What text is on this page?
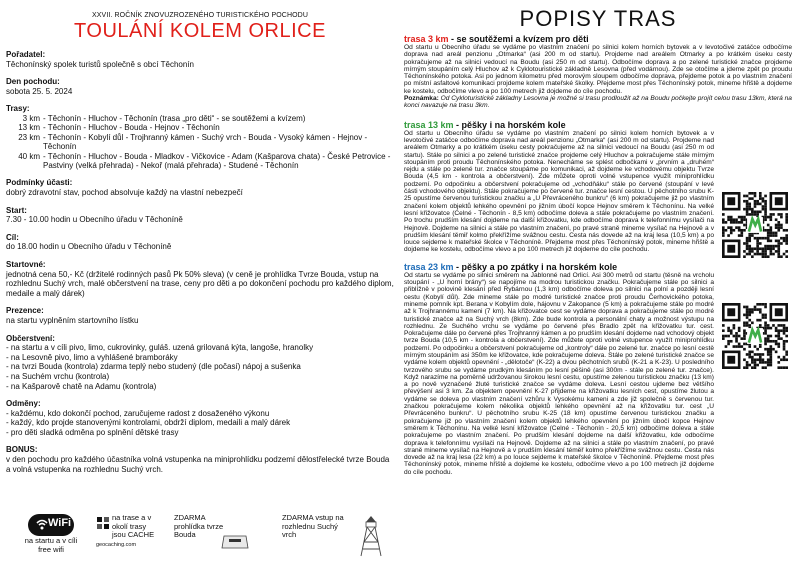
XXVII. ROČNÍK ZNOVUZROZENÉHO TURISTICKÉHO POCHODU
TOULÁNÍ KOLEM ORLICE
Pořadatel:
Těchonínský spolek turistů společně s obcí Těchonín
Den pochodu:
sobota 25. 5. 2024
Trasy:
3 km - Těchonín - Hluchov - Těchonín (trasa „pro děti“ - se soutěžemi a kvízem)
13 km - Těchonín - Hluchov - Bouda - Hejnov - Těchonín
23 km - Těchonín - Kobylí důl - Trojhranný kámen - Suchý vrch - Bouda - Vysoký kámen - Hejnov - Těchonín
40 km - Těchonín - Hluchov - Bouda - Mladkov - Vičkovice - Adam (Kašparova chata) - České Petrovice - Pastviny (velká přehrada) - Nekoř (malá přehrada) - Studené - Těchonín
Podmínky účasti:
dobrý zdravotní stav, pochod absolvuje každý na vlastní nebezpečí
Start:
7.30 - 10.00 hodin u Obecního úřadu v Těchoníně
Cíl:
do 18.00 hodin u Obecního úřadu v Těchoníně
Startovné:
jednotná cena 50,- Kč (držitelé rodinných pasů Pk 50% sleva) (v ceně je prohlídka Tvrze Bouda, vstup na rozhlednu Suchý vrch, malé občerstvení na trase, ceny pro děti a po dokončení pochodu pro každého diplom, medaile a malý dárek)
Prezence:
na startu vyplněním startovního lístku
Občerstvení:
- na startu a v cíli pivo, limo, cukrovinky, guláš. uzená grilovaná kýta, langoše, hranolky
- na Lesovně pivo, limo a vyhlášené bramboráky
- na tvrzi Bouda (kontrola) zdarma teplý nebo studený (dle počasí) nápoj a sušenka
- na Suchém vrchu (kontrola)
- na Kašparově chatě na Adamu (kontrola)
Odměny:
- každému, kdo dokončí pochod, zaručujeme radost z dosaženého výkonu
- každý, kdo projde stanovenými kontrolami, obdrží diplom, medaili a malý dárek
- pro děti sladká odměna po splnění dětské trasy
BONUS:
v den pochodu pro každého účastníka volná vstupenka na miniprohlídku podzemí dělostřelecké tvrze Bouda a volná vstupenka na rozhlednu Suchý vrch.
WiFi
na startu a v cíli free wifi
na trase a v okolí trasy jsou CACHE
geocaching.com
ZDARMA prohlídka tvrze Bouda
ZDARMA vstup na rozhlednu Suchý vrch
POPISY TRAS
trasa 3 km - se soutěžemi a kvízem pro děti
Od startu u Obecního úřadu se vydáme po vlastním značení po silnici kolem horních bytovek a v levotočivé zatáčce odbočíme doprava nad areál penzionu „Otmarka“ (asi 200 m od startu). Projdeme nad areálem Otmarky a po krátkém úseku cesty pokračujeme až na silnici vedoucí na Boudu (asi 250 m od startu). Odbočíme doprava a po zelené turistické značce projdeme mírným stoupáním celý Hluchov až k Cyklotouristické základně Lesovna (před vodárnou). Zde se otočíme a jdeme zpět po proudu Těchonínského potoka. Asi po jednom kilometru před morovým sloupem odbočíme doprava, přejdeme potok a po vlastním značení po místní asfaltové komunikaci projdeme kolem mateřské školky. Přejdeme most přes Těchonínský potok, mineme hřiště a dojdeme ke kostelu, odbočíme vlevo a po 100 metrech již dojdeme do cíle pochodu.
Poznámka: Od Cykloturistické základny Lesovna je možné si trasu prodloužit až na Boudu počkejte projít celou trasu 13km, která na konci navazuje na trasu 3km.
trasa 13 km - pěšky i na horském kole
Od startu u Obecního úřadu se vydáme po vlastním značení po silnici kolem horních bytovek a v levotočivé zatáčce odbočíme doprava nad areál penzionu „Otmarka“ (asi 200 m od startu). Projdeme nad areálem Otmarky a po krátkém úseku cesty pokračujeme až na silnici vedoucí na Boudu (asi 250 m od startu). Stále po silnici a po zelené turistické značce projdeme celý Hluchov a pokračujeme stále mírným stoupáním proti proudu Těchonínského potoka. Nenecháme se splést odbočkami v „prvním a „druhém“ rejdu a stále po zelené tur. značce stoupáme po komunikaci, až dojdeme ke vchodovému objektu Tvrze Bouda (4,5 km - kontrola a občerstvení). Zde můžete oproti volné vstupence využít miniprohlídku podzemí. Po odpočinku a občerstvení pokračujeme od „vchodňáku“ stále po červené (stoupání v levé části vchodového objektu). Stále pokračujeme po červené tur. značce lesní cestou. U pěchotního srubu K-25 opustíme červenou turistickou značku a „U Převráceného bunkru“ (6 km) pokračujeme již po vlastním značení kolem objektů lehkého opevnění po jižním úbočí kopce Hejnov směrem k Těchonínu. Na velké lesní křižovatce (Celné - Těchonín - 8,5 km) odbočíme doleva a stále pokračujeme po vlastním značení. Po trochu prudším klesání dojdeme na další křižovatku, kde odbočíme doprava k telefonnímu vysílači na Hejnově. Dojdeme na silnici a stále po vlastním značení, po pravé straně mineme vysílač na Hejnově a v prudším klesání těmiř kolmo překřížíme svážnou cestu. Cesta nás dovede až na kraj lesa (10,5 km) a po louce sejdeme k mateřské školce v Těchoníně. Přejdeme most přes Těchonínský potok, mineme hřiště a dojdeme ke kostelu, odbočíme vlevo a po 100 metrech již dojdeme do cíle pochodu.
trasa 23 km - pěšky a po zpátky i na horském kole
Od startu se vydáme po silnici směrem na Jablonné nad Orlicí. Asi 300 metrů od startu (těsně na vrcholu stoupání - „U horní brány“) se napojíme na modrou turistickou značku. Pokračujeme stále po silnici a přiblížně v polovině klesání před Rybárnou (1,3 km) odbočíme doleva po silnici na polní a později lesní cestu (Kobylí důl). Zde mineme stále po modré turistické značce proti proudu Čerhovického potoka, mineme pomník kpt. Berana v Kobylím dole, hájovnu v Zakopance (5 km) a pokračujeme stále po modré až k Trojhrannému kameni (7 km). Na křižovatce cest se vydáme doprava a pokračujeme stále po modré turistické značce až na Suchý vrch (8km). Zde bude kontrola a personální chaty a možnost výstupu na rozhlednu. Ze Suchého vrchu se vydáme po červené přes Bradlo zpět na křižovatku tur. cest. Pokračujeme dále po červené přes Trojhranný kámen a po prudším klesání dojdeme nad vchodový objekt tvrze Bouda (10,5 km - kontrola a občerstvení). Zde můžete oproti volné vstupence využít miniprohlídku podzemí. Po odpočinku a občerstvení pokračujeme od „kontroly“ dále po zelené tur. značce po lesní cestě mírným stoupáním asi 350m ke křižovatce, kde pokračujeme doleva. Stále po zelené turistické značce se vydáme kolem objektů opevnění - „dělotoče“ (K-22) a dvou pěchotních srubů (K-21 a K-23). U posledního tvrzového srubu se vydáme prudkým klesáním po lesní pěšině (asi 300m - stále po zelené tur. značce). Když narazíme na poměrně udržovanou širokou lesní cestu, opustíme zelenou turistickou značku (13 km) a po nově vyznačené žluté turistické značce se vydáme doleva. Lesní cestou ujdeme bez většího převýšení asi 3 km. Za objektem opevnění K-27 přijdeme na křižovatku lesních cest, opustíme žlutou a vydáme se doleva po vlastním značení vzhůru k Vysokému kameni a zde již společně s červenou tur. značkou pokračujeme kolem několika objektů lehkého opevnění až na křižovatku tur. cest „U Převráceného bunkru“. U pěchotního srubu K-25 (18 km) opustíme červenou turistickou značku a pokračujeme již po vlastním značení kolem objektů lehkého opevnění po jižním úbočí kopce Hejnov směrem k Těchonínu. Na velké lesní křižovatce (Celné - Těchonín - 20,5 km) odbočíme doleva a stále pokračujeme po vlastním značení. Po prudším klesání dojdeme na další křižovatku, kde odbočíme doprava k telefonnímu vysílači na Hejnově. Dojdeme až na silnici a stále po vlastním značení, po pravé straně mineme vysílač na Hejnově a v prudším klesání téměř kolmo překřížíme svážnou cestu. Cesta nás dovede až na kraj lesa (22 km) a po louce sejdeme k mateřské školce v Těchoníně. Přejdeme most přes Těchonínský potok, mineme hřiště a dojdeme ke kostelu, odbočíme vlevo a po 100 metrech již dojdeme do cíle pochodu.
